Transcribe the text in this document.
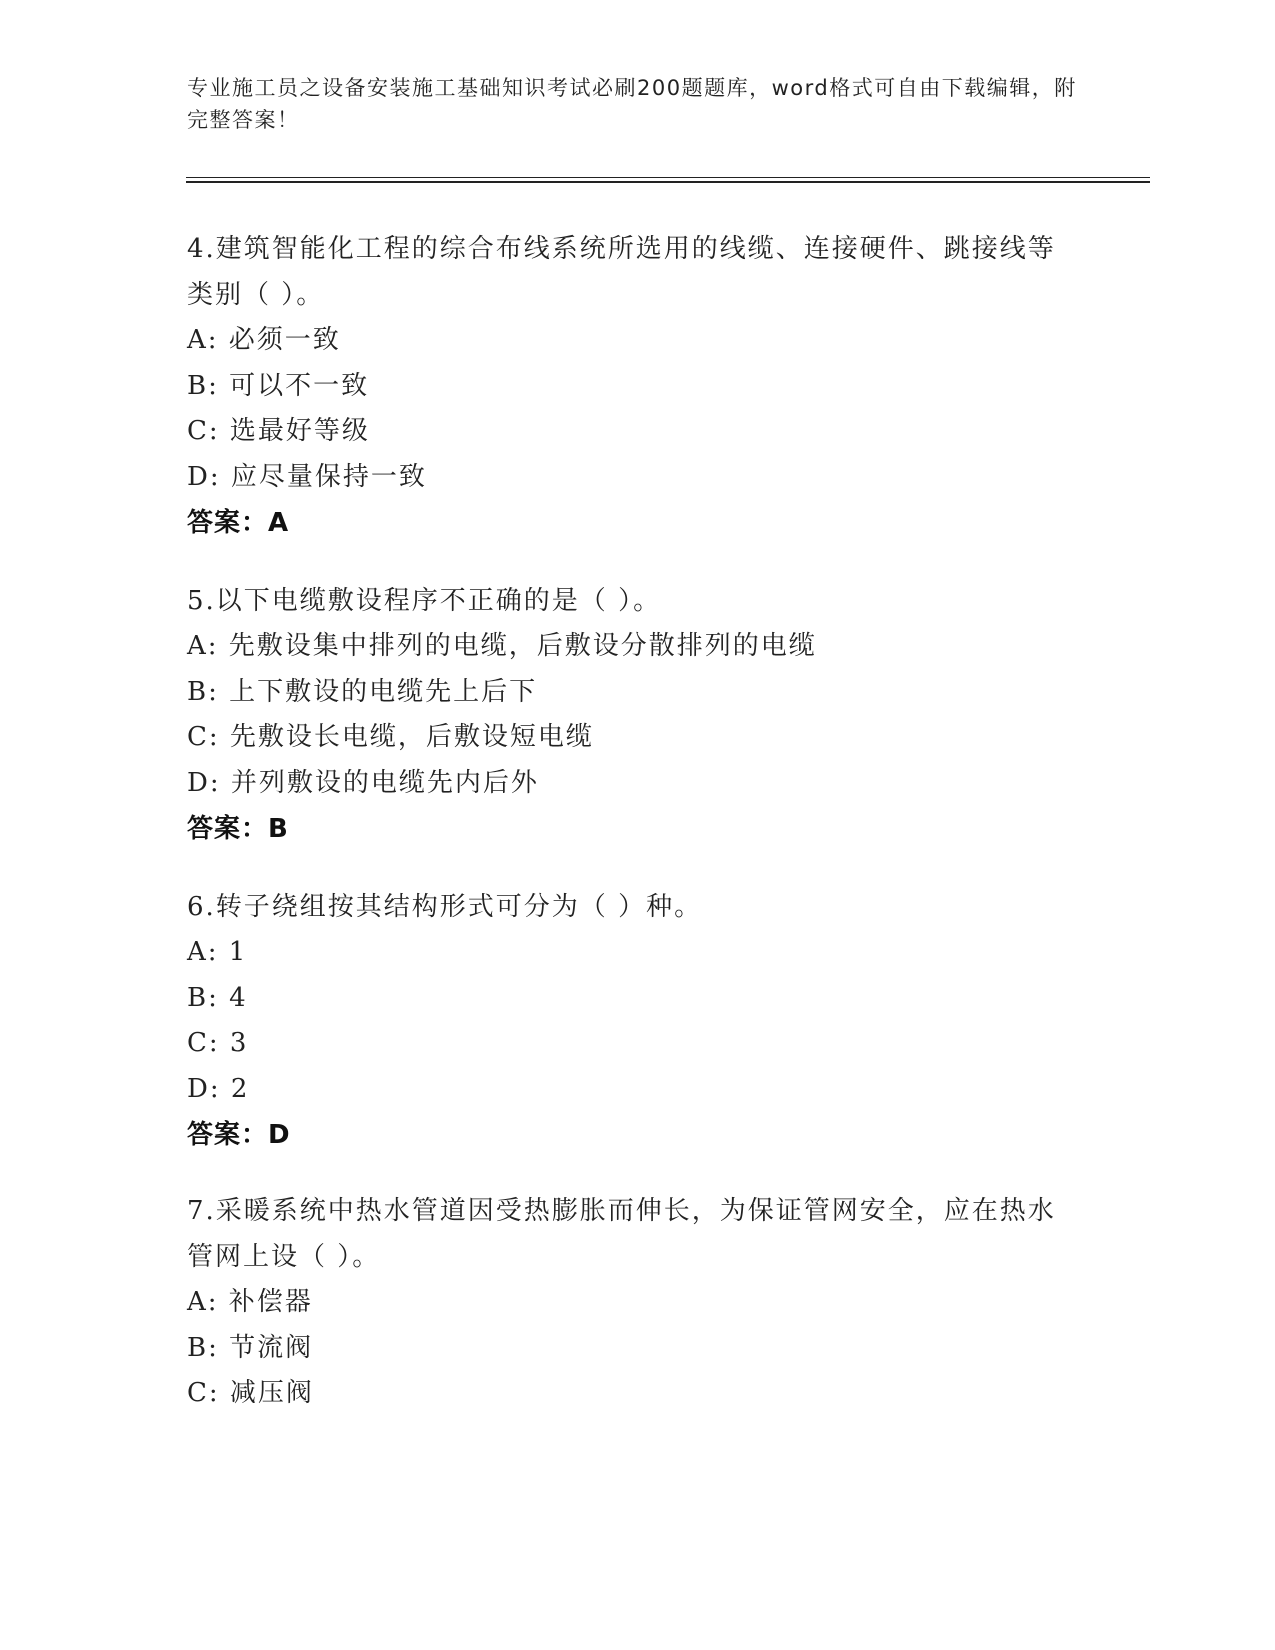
专业施工员之设备安装施工基础知识考试必刷200题题库，word格式可自由下载编辑，附完整答案！
4.建筑智能化工程的综合布线系统所选用的线缆、连接硬件、跳接线等类别（ ）。
A: 必须一致
B: 可以不一致
C: 选最好等级
D: 应尽量保持一致
答案：A
5.以下电缆敷设程序不正确的是（ ）。
A: 先敷设集中排列的电缆，后敷设分散排列的电缆
B: 上下敷设的电缆先上后下
C: 先敷设长电缆，后敷设短电缆
D: 并列敷设的电缆先内后外
答案：B
6.转子绕组按其结构形式可分为（ ）种。
A: 1
B: 4
C: 3
D: 2
答案：D
7.采暖系统中热水管道因受热膨胀而伸长，为保证管网安全，应在热水管网上设（ ）。
A: 补偿器
B: 节流阀
C: 减压阀
